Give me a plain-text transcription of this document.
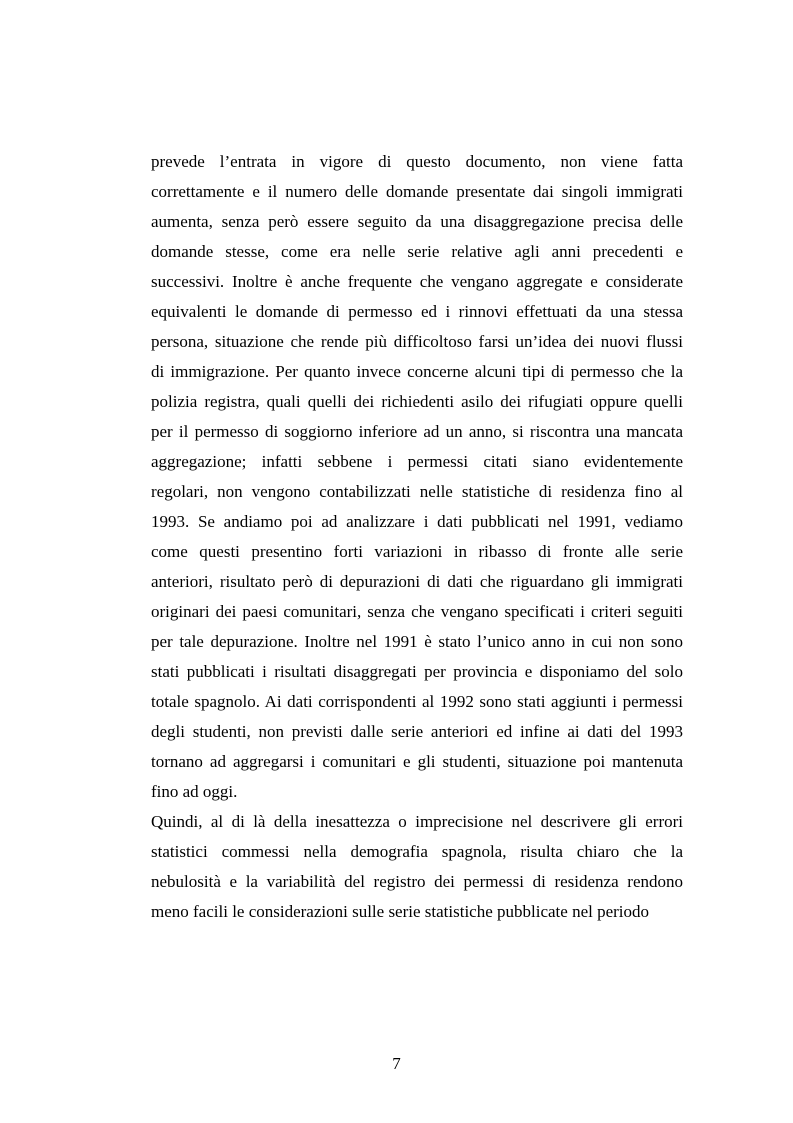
prevede l’entrata in vigore di questo documento, non viene fatta
correttamente e il numero delle domande presentate dai singoli immigrati
aumenta, senza però essere seguito da una disaggregazione precisa delle
domande stesse, come era nelle serie relative agli anni precedenti e
successivi. Inoltre è anche frequente che vengano aggregate e considerate
equivalenti le domande di permesso ed i rinnovi effettuati da una stessa
persona, situazione che rende più difficoltoso farsi un’idea dei nuovi flussi
di immigrazione. Per quanto invece concerne alcuni tipi di permesso che la
polizia registra, quali quelli dei richiedenti asilo dei rifugiati oppure quelli
per il permesso di soggiorno inferiore ad un anno, si riscontra una mancata
aggregazione; infatti sebbene i permessi citati siano evidentemente
regolari, non vengono contabilizzati nelle statistiche di residenza fino al
1993. Se andiamo poi ad analizzare i dati pubblicati nel 1991, vediamo
come questi presentino forti variazioni in ribasso di fronte alle serie
anteriori, risultato però di depurazioni di dati che riguardano gli immigrati
originari dei paesi comunitari, senza che vengano specificati i criteri seguiti
per tale depurazione. Inoltre nel 1991 è stato l’unico anno in cui non sono
stati pubblicati i risultati disaggregati per provincia e disponiamo del solo
totale spagnolo. Ai dati corrispondenti al 1992 sono stati aggiunti i permessi
degli studenti, non previsti dalle serie anteriori ed infine ai dati del 1993
tornano ad aggregarsi i comunitari e gli studenti, situazione poi mantenuta
fino ad oggi.
Quindi, al di là della inesattezza o imprecisione nel descrivere gli errori
statistici commessi nella demografia spagnola, risulta chiaro che la
nebulosità e la variabilità del registro dei permessi di residenza rendono
meno facili le considerazioni sulle serie statistiche pubblicate nel periodo
7
